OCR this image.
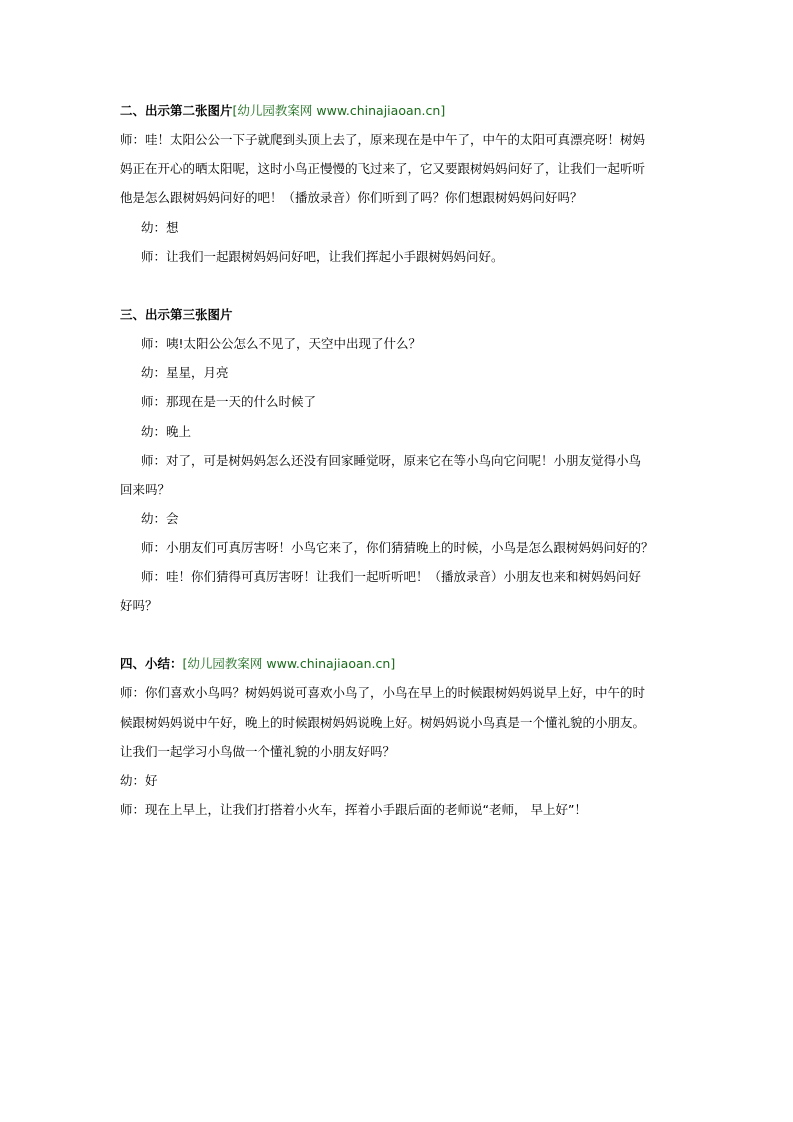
二、出示第二张图片[幼儿园教案网 www.chinajiaoan.cn]
师：哇！太阳公公一下子就爬到头顶上去了，原来现在是中午了，中午的太阳可真漂亮呀！树妈
妈正在开心的晒太阳呢，这时小鸟正慢慢的飞过来了，它又要跟树妈妈问好了，让我们一起听听
他是怎么跟树妈妈问好的吧！（播放录音）你们听到了吗？你们想跟树妈妈问好吗？
幼：想
师：让我们一起跟树妈妈问好吧，让我们挥起小手跟树妈妈问好。
三、出示第三张图片
师：咦!太阳公公怎么不见了，天空中出现了什么？
幼：星星，月亮
师：那现在是一天的什么时候了
幼：晚上
师：对了，可是树妈妈怎么还没有回家睡觉呀，原来它在等小鸟向它问呢！小朋友觉得小鸟
回来吗？
幼：会
师：小朋友们可真厉害呀！小鸟它来了，你们猜猜晚上的时候，小鸟是怎么跟树妈妈问好的？
师：哇！你们猜得可真厉害呀！让我们一起听听吧！（播放录音）小朋友也来和树妈妈问好
好吗？
四、小结：[幼儿园教案网 www.chinajiaoan.cn]
师：你们喜欢小鸟吗？树妈妈说可喜欢小鸟了，小鸟在早上的时候跟树妈妈说早上好，中午的时
候跟树妈妈说中午好，晚上的时候跟树妈妈说晚上好。树妈妈说小鸟真是一个懂礼貌的小朋友。
让我们一起学习小鸟做一个懂礼貌的小朋友好吗？
幼：好
师：现在上早上，让我们打搭着小火车，挥着小手跟后面的老师说“老师， 早上好”！
